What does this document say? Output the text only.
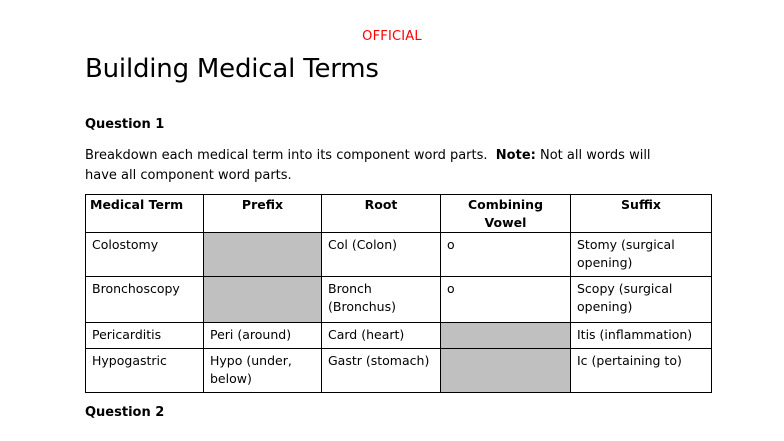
OFFICIAL
Building Medical Terms
Question 1
Breakdown each medical term into its component word parts. Note: Not all words will have all component word parts.
Medical Term	Prefix	Root	Combining Vowel	Suffix
Colostomy		Col (Colon)	o	Stomy (surgical opening)
Bronchoscopy		Bronch (Bronchus)	o	Scopy (surgical opening)
Pericarditis	Peri (around)	Card (heart)		Itis (inflammation)
Hypogastric	Hypo (under, below)	Gastr (stomach)		Ic (pertaining to)
Question 2
